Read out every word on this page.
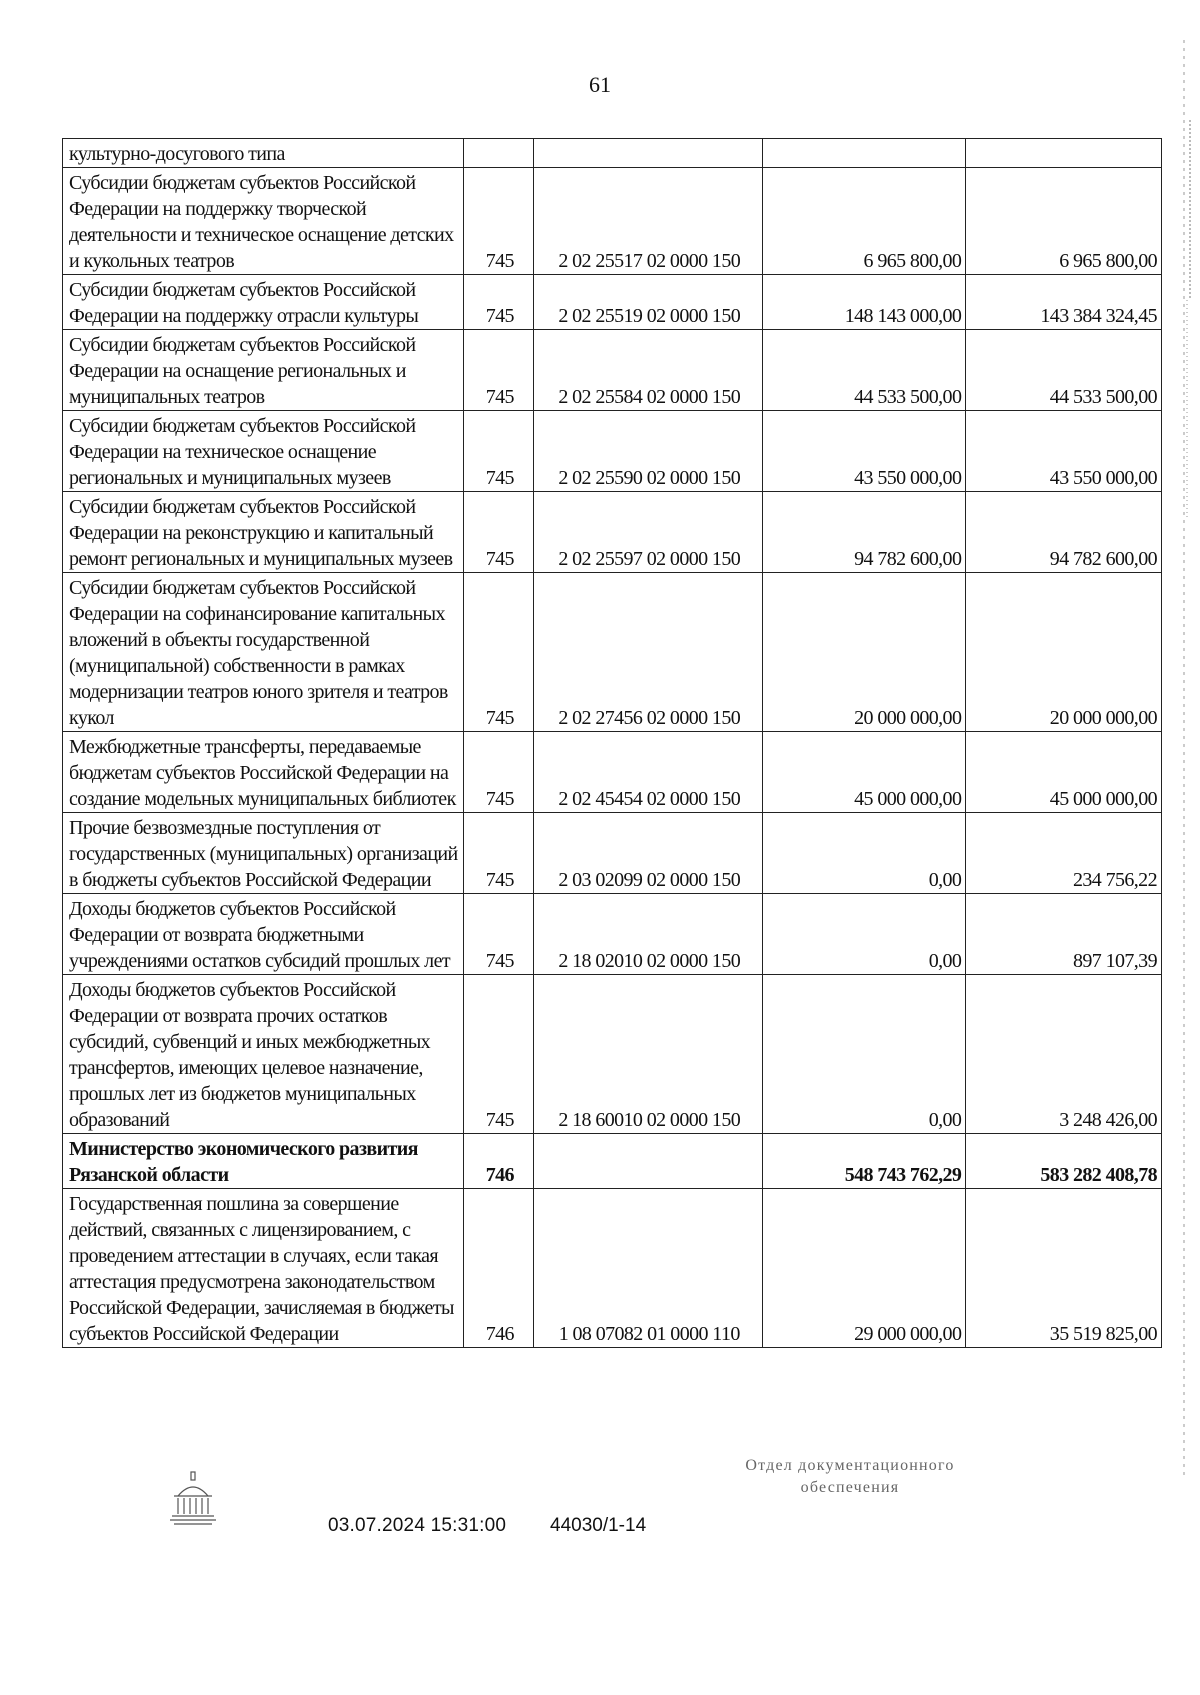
61
культурно-досугового типа				
Субсидии бюджетам субъектов Российской Федерации на поддержку творческой деятельности и техническое оснащение детских и кукольных театров	745	2 02 25517 02 0000 150	6 965 800,00	6 965 800,00
Субсидии бюджетам субъектов Российской Федерации на поддержку отрасли культуры	745	2 02 25519 02 0000 150	148 143 000,00	143 384 324,45
Субсидии бюджетам субъектов Российской Федерации на оснащение региональных и муниципальных театров	745	2 02 25584 02 0000 150	44 533 500,00	44 533 500,00
Субсидии бюджетам субъектов Российской Федерации на техническое оснащение региональных и муниципальных музеев	745	2 02 25590 02 0000 150	43 550 000,00	43 550 000,00
Субсидии бюджетам субъектов Российской Федерации на реконструкцию и капитальный ремонт региональных и муниципальных музеев	745	2 02 25597 02 0000 150	94 782 600,00	94 782 600,00
Субсидии бюджетам субъектов Российской Федерации на софинансирование капитальных вложений в объекты государственной (муниципальной) собственности в рамках модернизации театров юного зрителя и театров кукол	745	2 02 27456 02 0000 150	20 000 000,00	20 000 000,00
Межбюджетные трансферты, передаваемые бюджетам субъектов Российской Федерации на создание модельных муниципальных библиотек	745	2 02 45454 02 0000 150	45 000 000,00	45 000 000,00
Прочие безвозмездные поступления от государственных (муниципальных) организаций в бюджеты субъектов Российской Федерации	745	2 03 02099 02 0000 150	0,00	234 756,22
Доходы бюджетов субъектов Российской Федерации от возврата бюджетными учреждениями остатков субсидий прошлых лет	745	2 18 02010 02 0000 150	0,00	897 107,39
Доходы бюджетов субъектов Российской Федерации от возврата прочих остатков субсидий, субвенций и иных межбюджетных трансфертов, имеющих целевое назначение, прошлых лет из бюджетов муниципальных образований	745	2 18 60010 02 0000 150	0,00	3 248 426,00
Министерство экономического развития Рязанской области	746		548 743 762,29	583 282 408,78
Государственная пошлина за совершение действий, связанных с лицензированием, с проведением аттестации в случаях, если такая аттестация предусмотрена законодательством Российской Федерации, зачисляемая в бюджеты субъектов Российской Федерации	746	1 08 07082 01 0000 110	29 000 000,00	35 519 825,00
03.07.2024 15:31:00 44030/1-14
Отдел документационного
обеспечения
